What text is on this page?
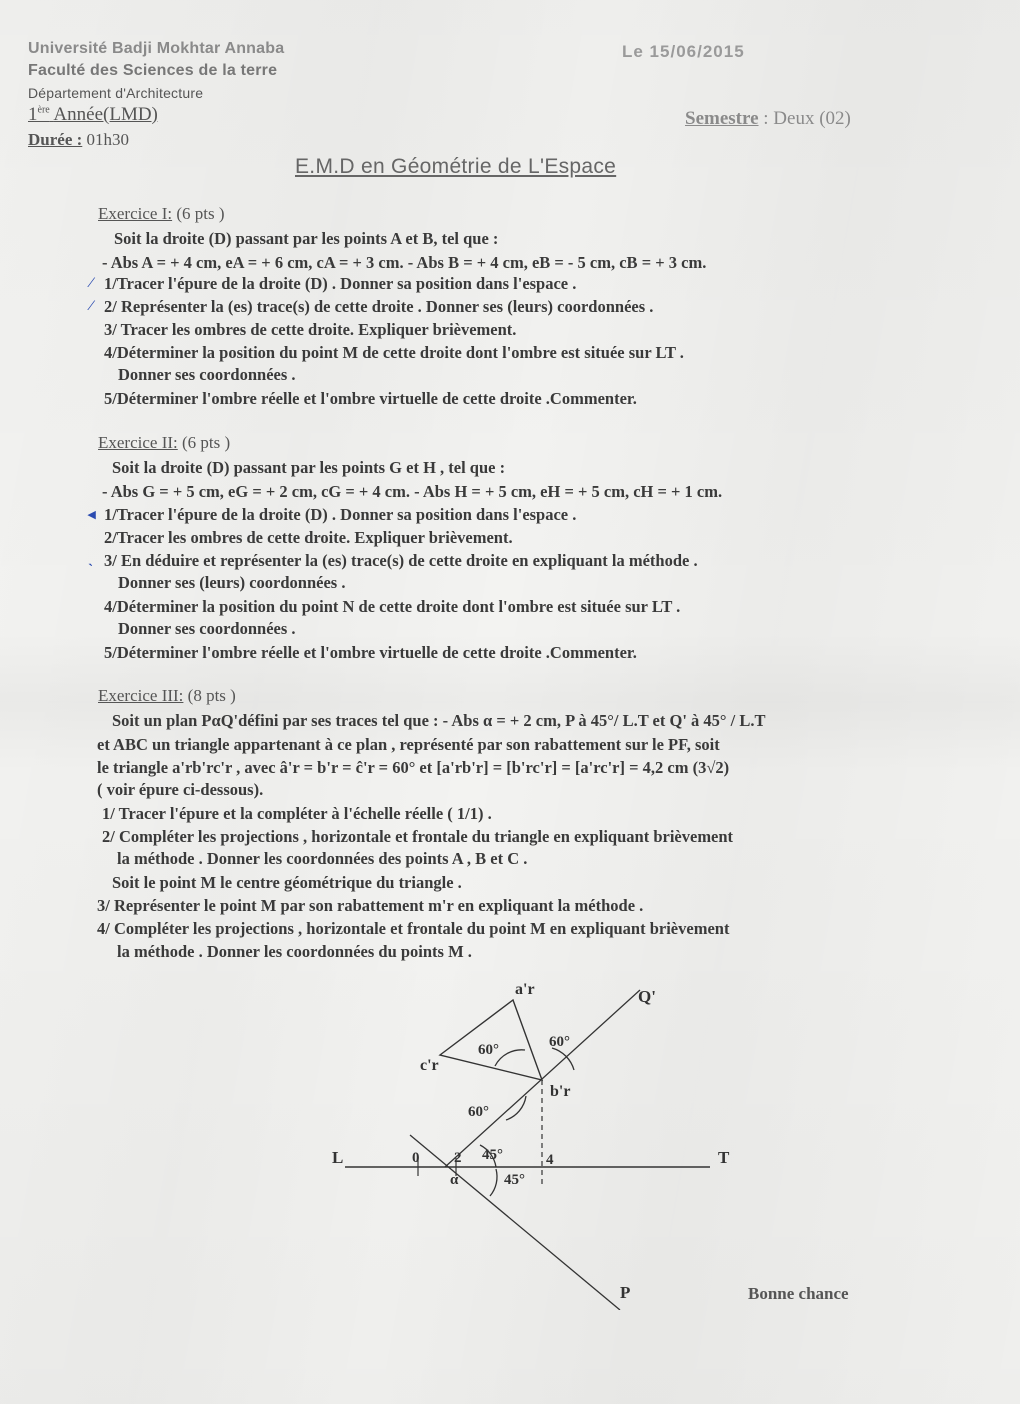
Université Badji Mokhtar Annaba
Faculté des Sciences de la terre
Département d'Architecture
1ère Année(LMD)
Durée : 01h30
Le 15/06/2015
Semestre : Deux (02)
E.M.D en Géométrie de L'Espace
Exercice I: (6 pts )
Soit la droite (D) passant par les points A et B, tel que :
- Abs A = + 4 cm, eA = + 6 cm, cA = + 3 cm. - Abs B = + 4 cm, eB = - 5 cm, cB = + 3 cm.
⁄ 1/Tracer l'épure de la droite (D) . Donner sa position dans l'espace .
⁄ 2/ Représenter la (es) trace(s) de cette droite . Donner ses (leurs) coordonnées .
3/ Tracer les ombres de cette droite. Expliquer brièvement.
4/Déterminer la position du point M de cette droite dont l'ombre est située sur LT .
Donner ses coordonnées .
5/Déterminer l'ombre réelle et l'ombre virtuelle de cette droite .Commenter.
Exercice II: (6 pts )
Soit la droite (D) passant par les points G et H , tel que :
- Abs G = + 5 cm, eG = + 2 cm, cG = + 4 cm. - Abs H = + 5 cm, eH = + 5 cm, cH = + 1 cm.
◂ 1/Tracer l'épure de la droite (D) . Donner sa position dans l'espace .
2/Tracer les ombres de cette droite. Expliquer brièvement.
ˎ 3/ En déduire et représenter la (es) trace(s) de cette droite en expliquant la méthode .
Donner ses (leurs) coordonnées .
4/Déterminer la position du point N de cette droite dont l'ombre est située sur LT .
Donner ses coordonnées .
5/Déterminer l'ombre réelle et l'ombre virtuelle de cette droite .Commenter.
Exercice III: (8 pts )
Soit un plan PαQ'défini par ses traces tel que : - Abs α = + 2 cm, P à 45°/ L.T et Q' à 45° / L.T
et ABC un triangle appartenant à ce plan , représenté par son rabattement sur le PF, soit
le triangle a'rb'rc'r , avec â'r = b'r = ĉ'r = 60° et [a'rb'r] = [b'rc'r] = [a'rc'r] = 4,2 cm (3√2)
( voir épure ci-dessous).
1/ Tracer l'épure et la compléter à l'échelle réelle ( 1/1) .
2/ Compléter les projections , horizontale et frontale du triangle en expliquant brièvement
la méthode . Donner les coordonnées des points A , B et C .
Soit le point M le centre géométrique du triangle .
3/ Représenter le point M par son rabattement m'r en expliquant la méthode .
4/ Compléter les projections , horizontale et frontale du point M en expliquant brièvement
la méthode . Donner les coordonnées du points M .
a'r
c'r
b'r
Q'
P
L	T
α
0 2	4
60°	60°
60°
45°
45°
Bonne chance
